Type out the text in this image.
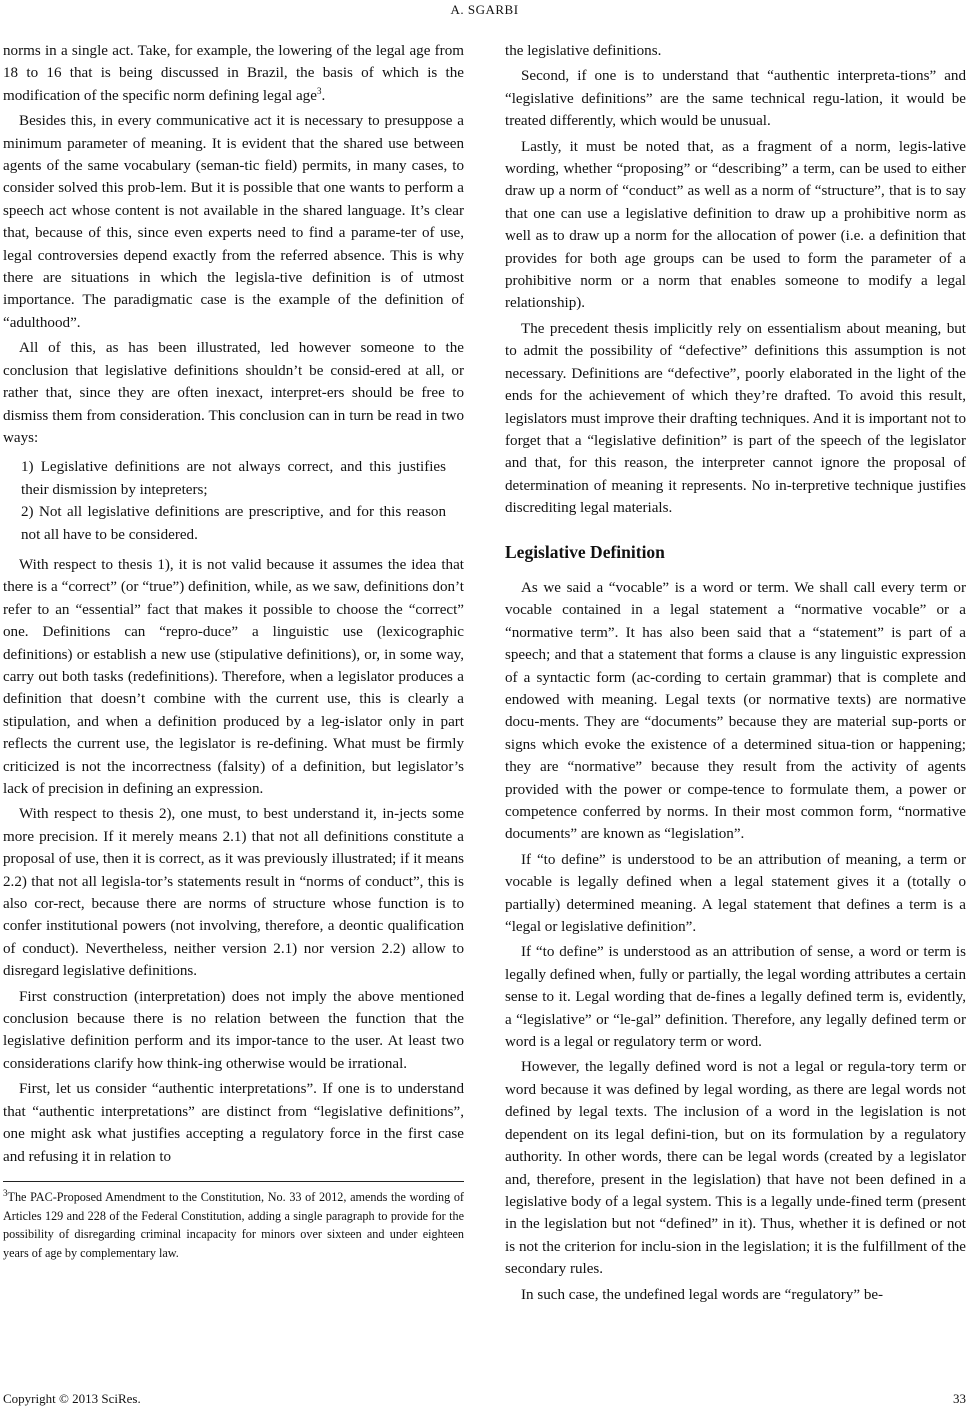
A. SGARBI

norms in a single act. Take, for example, the lowering of the legal age from 18 to 16 that is being discussed in Brazil, the basis of which is the modification of the specific norm defining legal age$^3$.

Besides this, in every communicative act it is necessary to presuppose a minimum parameter of meaning. It is evident that the shared use between agents of the same vocabulary (seman-tic field) permits, in many cases, to consider solved this prob-lem. But it is possible that one wants to perform a speech act whose content is not available in the shared language. It’s clear that, because of this, since even experts need to find a parame-ter of use, legal controversies depend exactly from the referred absence. This is why there are situations in which the legisla-tive definition is of utmost importance. The paradigmatic case is the example of the definition of “adulthood”.

All of this, as has been illustrated, led however someone to the conclusion that legislative definitions shouldn’t be consid-ered at all, or rather that, since they are often inexact, interpret-ers should be free to dismiss them from consideration. This conclusion can in turn be read in two ways:

1) Legislative definitions are not always correct, and this justifies their dismission by intepreters;

2) Not all legislative definitions are prescriptive, and for this reason not all have to be considered.

With respect to thesis 1), it is not valid because it assumes the idea that there is a “correct” (or “true”) definition, while, as we saw, definitions don’t refer to an “essential” fact that makes it possible to choose the “correct” one. Definitions can “repro-duce” a linguistic use (lexicographic definitions) or establish a new use (stipulative definitions), or, in some way, carry out both tasks (redefinitions). Therefore, when a legislator produces a definition that doesn’t combine with the current use, this is clearly a stipulation, and when a definition produced by a leg-islator only in part reflects the current use, the legislator is re-defining. What must be firmly criticized is not the incorrectness (falsity) of a definition, but legislator’s lack of precision in defining an expression.

With respect to thesis 2), one must, to best understand it, in-jects some more precision. If it merely means 2.1) that not all definitions constitute a proposal of use, then it is correct, as it was previously illustrated; if it means 2.2) that not all legisla-tor’s statements result in “norms of conduct”, this is also cor-rect, because there are norms of structure whose function is to confer institutional powers (not involving, therefore, a deontic qualification of conduct). Nevertheless, neither version 2.1) nor version 2.2) allow to disregard legislative definitions.

First construction (interpretation) does not imply the above mentioned conclusion because there is no relation between the function that the legislative definition perform and its impor-tance to the user. At least two considerations clarify how think-ing otherwise would be irrational.

First, let us consider “authentic interpretations”. If one is to understand that “authentic interpretations” are distinct from “legislative definitions”, one might ask what justifies accepting a regulatory force in the first case and refusing it in relation to

$^3$The PAC-Proposed Amendment to the Constitution, No. 33 of 2012, amends the wording of Articles 129 and 228 of the Federal Constitution, adding a single paragraph to provide for the possibility of disregarding criminal incapacity for minors over sixteen and under eighteen years of age by complementary law.

the legislative definitions.

Second, if one is to understand that “authentic interpreta-tions” and “legislative definitions” are the same technical regu-lation, it would be treated differently, which would be unusual.

Lastly, it must be noted that, as a fragment of a norm, legis-lative wording, whether “proposing” or “describing” a term, can be used to either draw up a norm of “conduct” as well as a norm of “structure”, that is to say that one can use a legislative definition to draw up a prohibitive norm as well as to draw up a norm for the allocation of power (i.e. a definition that provides for both age groups can be used to form the parameter of a prohibitive norm or a norm that enables someone to modify a legal relationship).

The precedent thesis implicitly rely on essentialism about meaning, but to admit the possibility of “defective” definitions this assumption is not necessary. Definitions are “defective”, poorly elaborated in the light of the ends for the achievement of which they’re drafted. To avoid this result, legislators must improve their drafting techniques. And it is important not to forget that a “legislative definition” is part of the speech of the legislator and that, for this reason, the interpreter cannot ignore the proposal of determination of meaning it represents. No in-terpretive technique justifies discrediting legal materials.

Legislative Definition

As we said a “vocable” is a word or term. We shall call every term or vocable contained in a legal statement a “normative vocable” or a “normative term”. It has also been said that a “statement” is part of a speech; and that a statement that forms a clause is any linguistic expression of a syntactic form (ac-cording to certain grammar) that is complete and endowed with meaning. Legal texts (or normative texts) are normative docu-ments. They are “documents” because they are material sup-ports or signs which evoke the existence of a determined situa-tion or happening; they are “normative” because they result from the activity of agents provided with the power or compe-tence to formulate them, a power or competence conferred by norms. In their most common form, “normative documents” are known as “legislation”.

If “to define” is understood to be an attribution of meaning, a term or vocable is legally defined when a legal statement gives it a (totally o partially) determined meaning. A legal statement that defines a term is a “legal or legislative definition”.

If “to define” is understood as an attribution of sense, a word or term is legally defined when, fully or partially, the legal wording attributes a certain sense to it. Legal wording that de-fines a legally defined term is, evidently, a “legislative” or “le-gal” definition. Therefore, any legally defined term or word is a legal or regulatory term or word.

However, the legally defined word is not a legal or regula-tory term or word because it was defined by legal wording, as there are legal words not defined by legal texts. The inclusion of a word in the legislation is not dependent on its legal defini-tion, but on its formulation by a regulatory authority. In other words, there can be legal words (created by a legislator and, therefore, present in the legislation) that have not been defined in a legislative body of a legal system. This is a legally unde-fined term (present in the legislation but not “defined” in it). Thus, whether it is defined or not is not the criterion for inclu-sion in the legislation; it is the fulfillment of the secondary rules.

In such case, the undefined legal words are “regulatory” be-

Copyright © 2013 SciRes.	33
